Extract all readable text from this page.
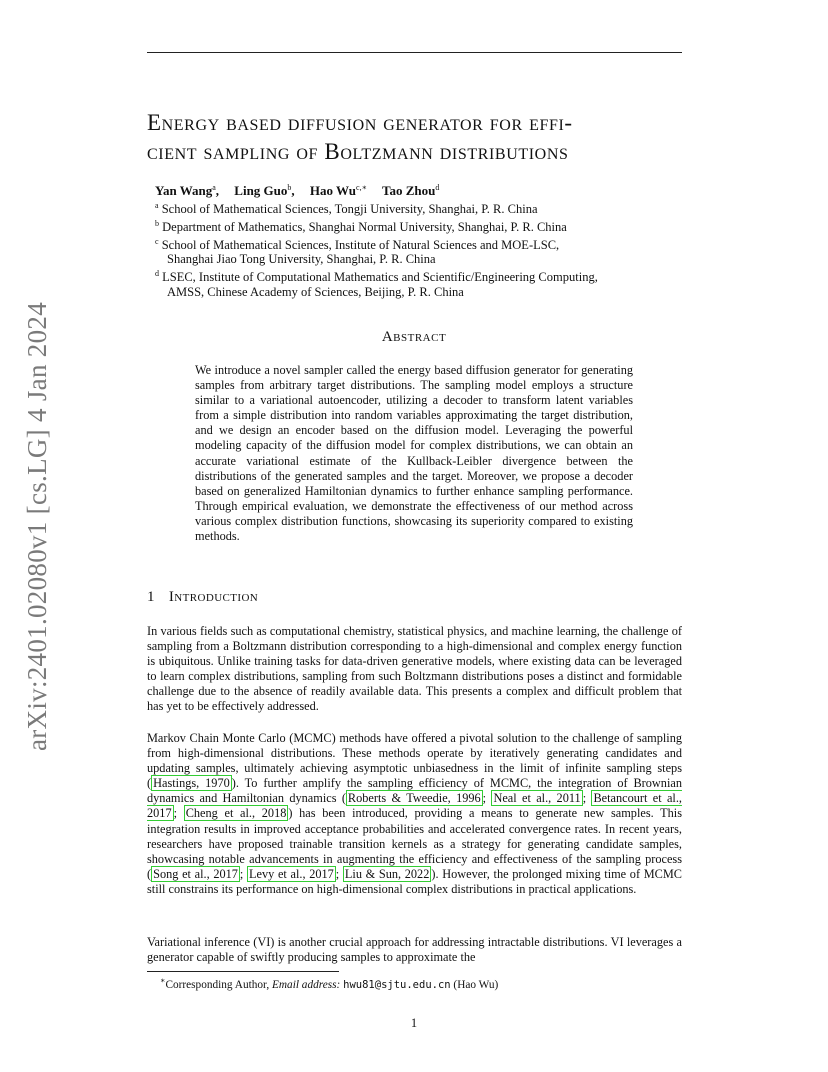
arXiv:2401.02080v1 [cs.LG] 4 Jan 2024
Energy based diffusion generator for effi-
cient sampling of Boltzmann distributions
Yan Wang$^a$, Ling Guo$^b$, Hao $Wu^{c,∗}$ Tao Zhou$^d$
$^a$ School of Mathematical Sciences, Tongji University, Shanghai, P. R. China
$^b$ Department of Mathematics, Shanghai Normal University, Shanghai, P. R. China
$^c$ School of Mathematical Sciences, Institute of Natural Sciences and MOE-LSC,
Shanghai Jiao Tong University, Shanghai, P. R. China
$^d$ LSEC, Institute of Computational Mathematics and Scientific/Engineering Computing,
AMSS, Chinese Academy of Sciences, Beijing, P. R. China
Abstract
We introduce a novel sampler called the energy based diffusion generator for generating samples from arbitrary target distributions. The sampling model employs a structure similar to a variational autoencoder, utilizing a decoder to transform latent variables from a simple distribution into random variables approximating the target distribution, and we design an encoder based on the diffusion model. Leveraging the powerful modeling capacity of the diffusion model for complex distributions, we can obtain an accurate variational estimate of the Kullback-Leibler divergence between the distributions of the generated samples and the target. Moreover, we propose a decoder based on generalized Hamiltonian dynamics to further enhance sampling performance. Through empirical evaluation, we demonstrate the effectiveness of our method across various complex distribution functions, showcasing its superiority compared to existing methods.
1 Introduction
In various fields such as computational chemistry, statistical physics, and machine learning, the challenge of sampling from a Boltzmann distribution corresponding to a high-dimensional and complex energy function is ubiquitous. Unlike training tasks for data-driven generative models, where existing data can be leveraged to learn complex distributions, sampling from such Boltzmann distributions poses a distinct and formidable challenge due to the absence of readily available data. This presents a complex and difficult problem that has yet to be effectively addressed.
Markov Chain Monte Carlo (MCMC) methods have offered a pivotal solution to the challenge of sampling from high-dimensional distributions. These methods operate by iteratively generating candidates and updating samples, ultimately achieving asymptotic unbiasedness in the limit of infinite sampling steps ( Hastings, 1970 ). To further amplify the sampling efficiency of MCMC, the integration of Brownian dynamics and Hamiltonian dynamics ( Roberts & Tweedie, 1996 ; Neal et al., 2011 ; Betancourt et al., 2017 ; Cheng et al., 2018 ) has been introduced, providing a means to generate new samples. This integration results in improved acceptance probabilities and accelerated convergence rates. In recent years, researchers have proposed trainable transition kernels as a strategy for generating candidate samples, showcasing notable advancements in augmenting the efficiency and effectiveness of the sampling process ( Song et al., 2017 ; Levy et al., 2017 ; Liu & Sun, 2022 ). However, the prolonged mixing time of MCMC still constrains its performance on high-dimensional complex distributions in practical applications.
Variational inference (VI) is another crucial approach for addressing intractable distributions. VI leverages a generator capable of swiftly producing samples to approximate the
∗Corresponding Author, Email address: hwu81@sjtu.edu.cn (Hao Wu)
1
